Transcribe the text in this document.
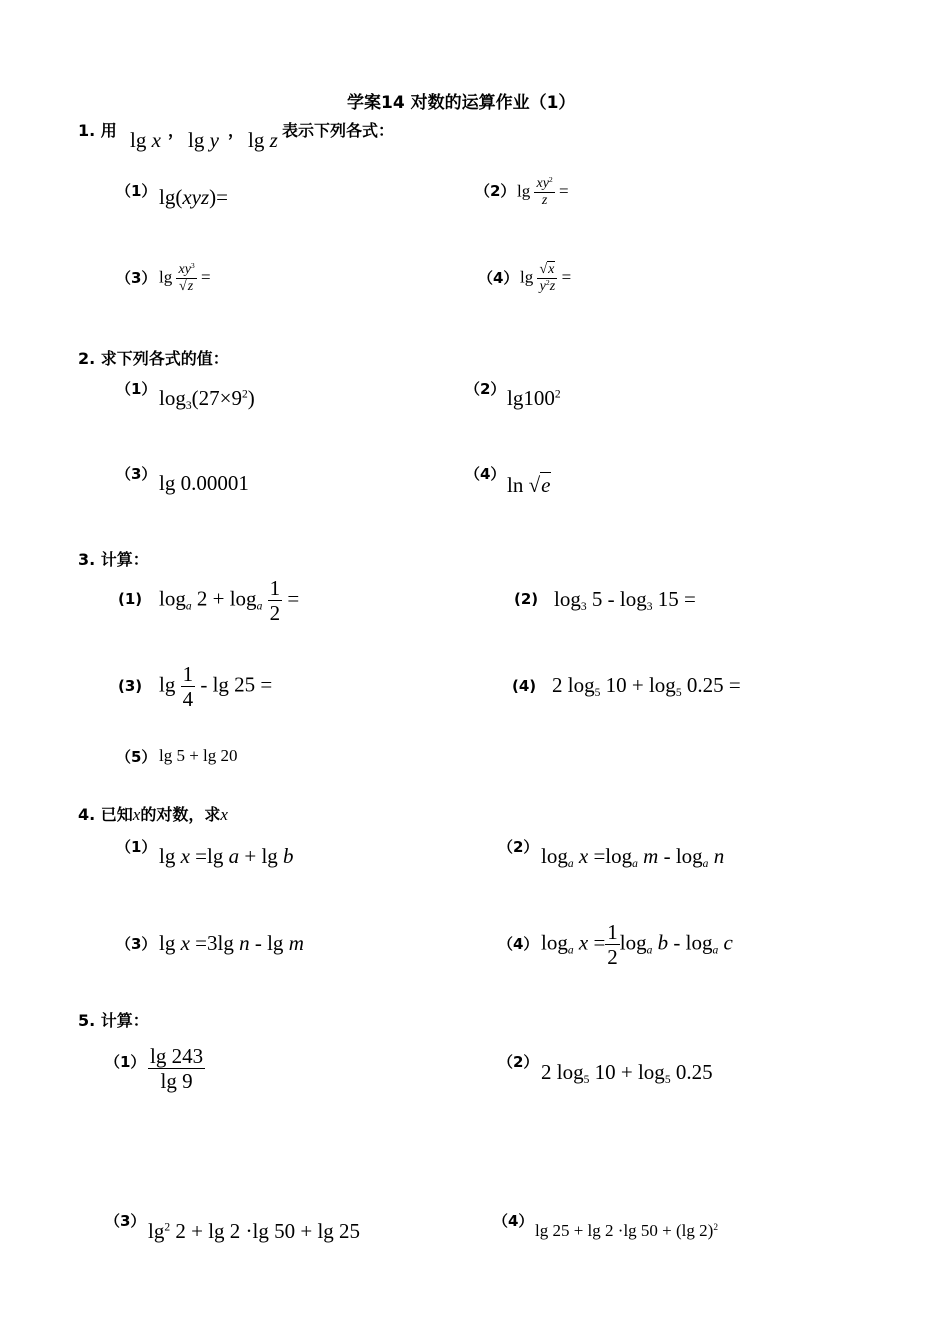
学案14 对数的运算作业（1）
1. 用 lg x ， lg y ， lg z 表示下列各式：
（1） lg(xyz)=	（2） $\lg \frac{xy^2}{z}$ =
（3） $\lg \frac{xy^3}{√z}$ =	（4） $\lg \frac{√x}{y^2z}$ =
2. 求下列各式的值：
（1） $\log_3(27\times 9^2)$	（2） $\lg 100^2$
（3） lg 0.00001	（4） ln √e
3. 计算：
(1) $\log_a 2 + \log_a \frac{1}{2}$ =	(2) $\log_3 5 - \log_3 15$ =
(3) $\lg \frac{1}{4}$ - lg 25 =	(4) 2 $\log_5 10 + \log_5 0.25$ =
（5） lg 5 + lg 20
4. 已知x的对数，求x
（1） lg x =lg a + lg b	（2） $\log_a x =\log_a$ m - $\log_a n$
（3） lg x =3lg n - lg m	（4） $\log_a x = \frac{1}{2} \log_a b - \log_a c$
5. 计算：
$(1) \frac{\lg 243}{\lg 9}$	（2） 2 $\log_5 10 + \log_5 0.25$
（3） $\lg^2 2 + \lg 2 \cdot\lg$ 50 + lg 25	（4） lg 25 + lg 2 ·lg 50 + (lg 2)$^2$
